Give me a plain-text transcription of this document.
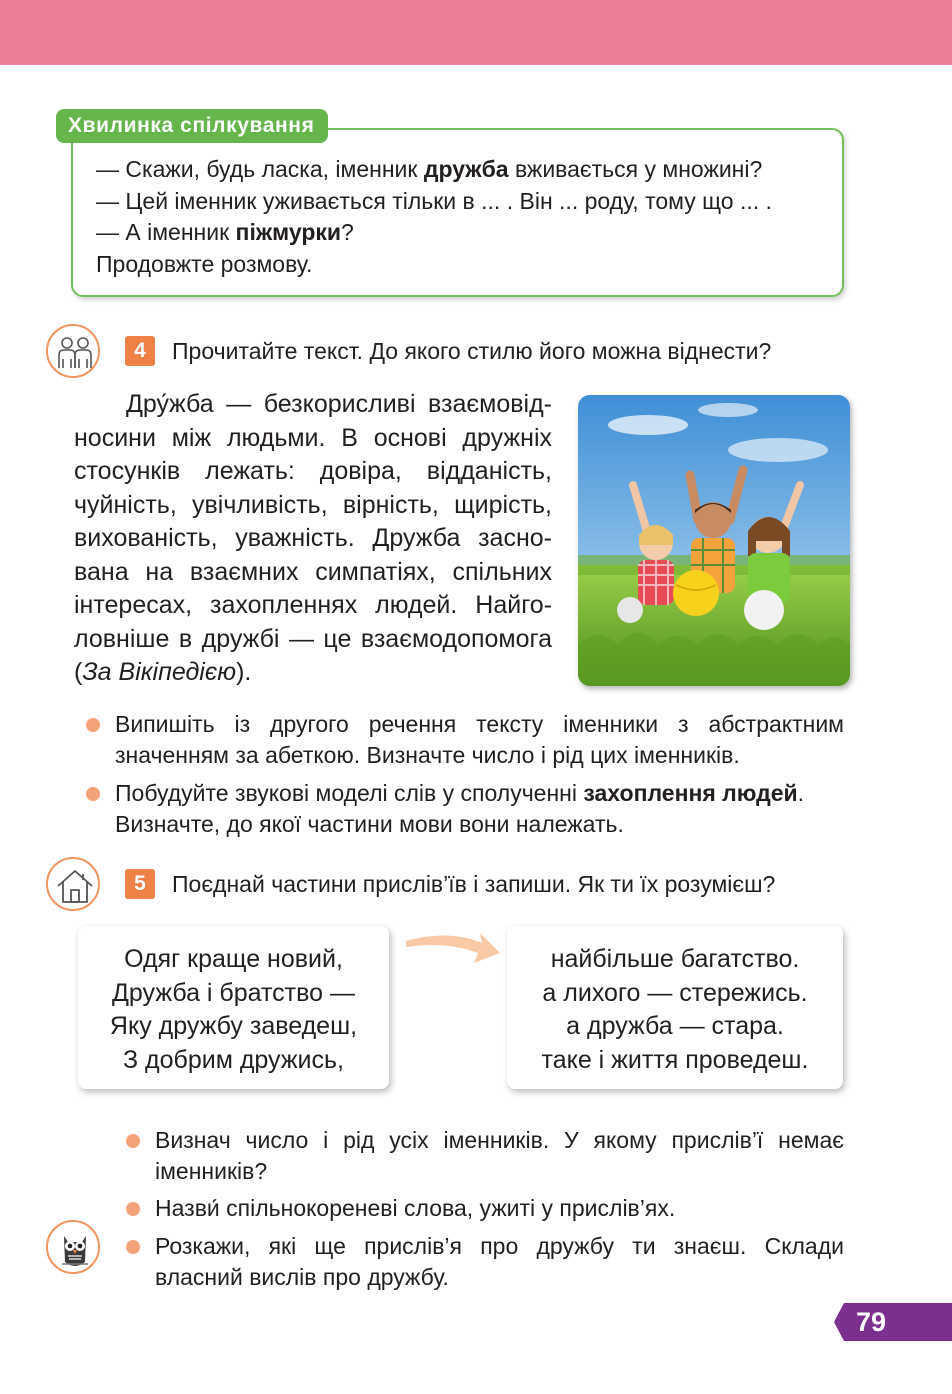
Хвилинка спілкування
— Скажи, будь ласка, іменник дружба вживається у множині?
— Цей іменник уживається тільки в ... . Він ... роду, тому що ... .
— А іменник піжмурки?
Продовжте розмову.
4	Прочитайте текст. До якого стилю його можна віднести?
Дру́жба — безкорисливі взаємовід-
носини між людьми. В основі дружніх
стосунків лежать: довіра, відданість,
чуйність, увічливість, вірність, щирість,
вихованість, уважність. Дружба засно-
вана на взаємних симпатіях, спільних
інтересах, захопленнях людей. Найго-
ловніше в дружбі — це взаємодопомога
(За Вікіпедією).
Випишіть із другого речення тексту іменники з абстрактним
значенням за абеткою. Визначте число і рід цих іменників.
Побудуйте звукові моделі слів у сполученні захоплення людей.
Визначте, до якої частини мови вони належать.
5	Поєднай частини прислів’їв і запиши. Як ти їх розумієш?
Одяг краще новий,
Дружба і братство —
Яку дружбу заведеш,
З добрим дружись,
найбільше багатство.
а лихого — стережись.
а дружба — стара.
таке і життя проведеш.
Визнач число і рід усіх іменників. У якому прислів’ї немає
іменників?
Назви́ спільнокореневі слова, ужиті у прислів’ях.
Розкажи, які ще прислів’я про дружбу ти знаєш. Склади
власний вислів про дружбу.
79
